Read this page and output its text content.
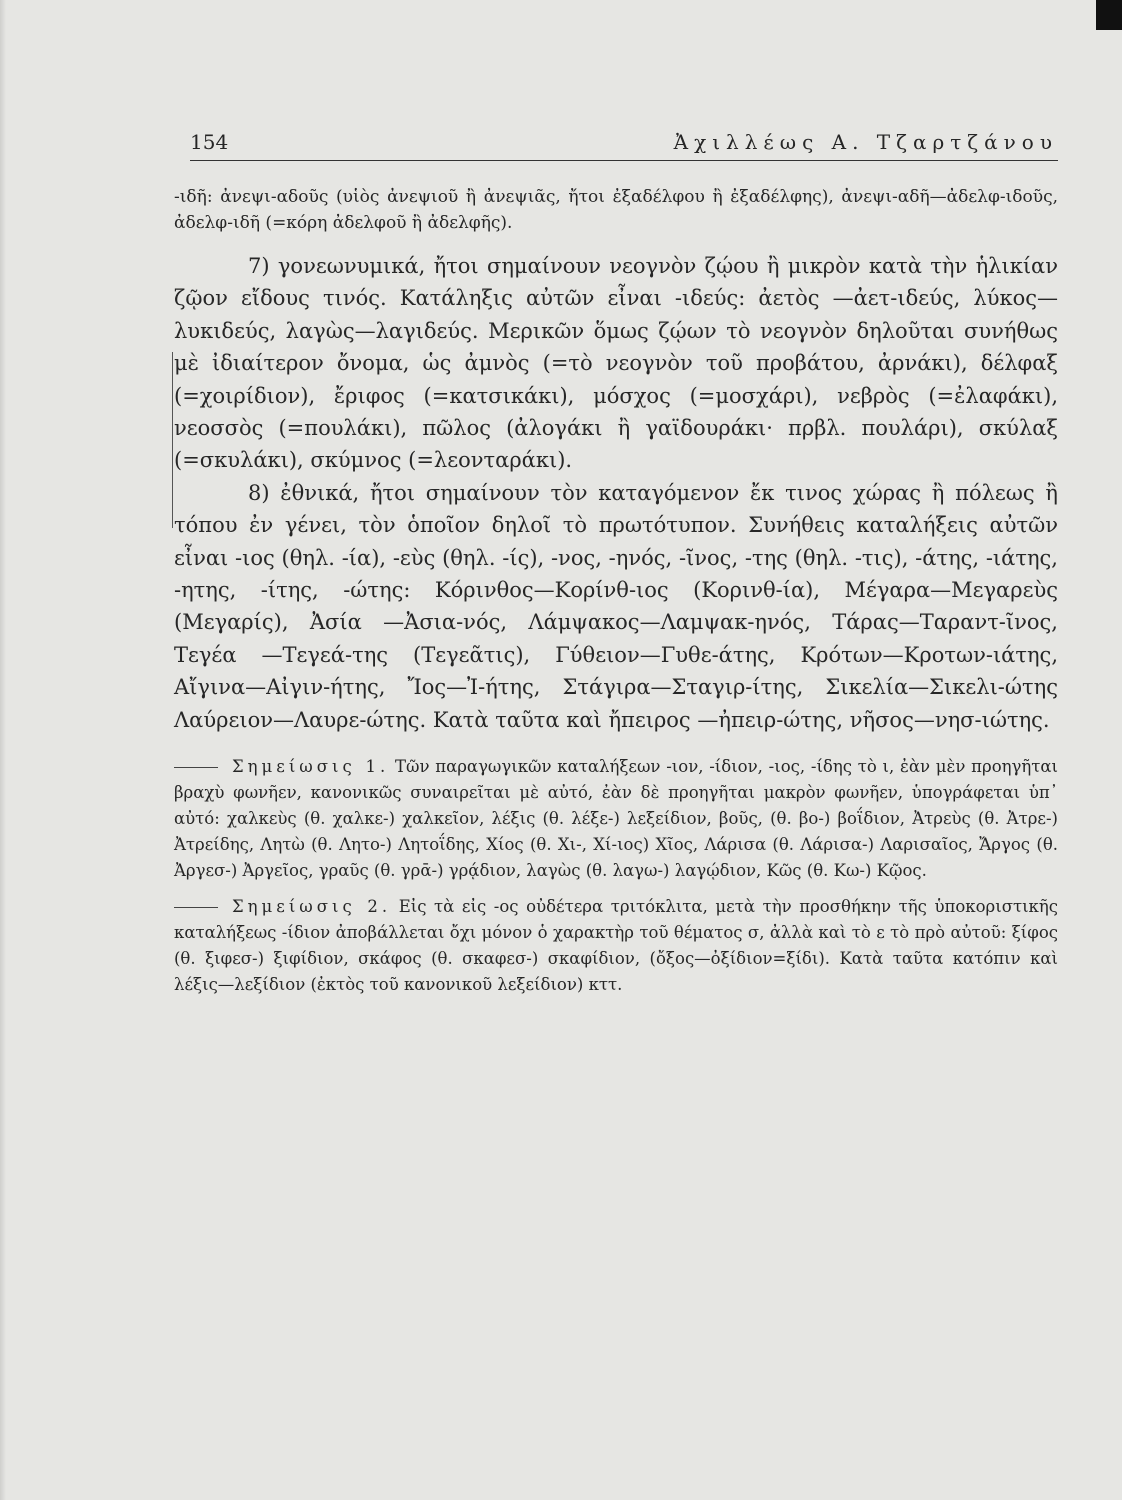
154	Ἀχιλλέως Α. Τζαρτζάνου

-ιδῆ: ἀνεψι-αδοῦς (υἱὸς ἀνεψιοῦ ἢ ἀνεψιᾶς, ἤτοι ἐξαδέλφου ἢ ἐξαδέλφης), ἀνεψι-αδῆ—ἀδελφ-ιδοῦς, ἀδελφ-ιδῆ (=κόρη ἀδελφοῦ ἢ ἀδελφῆς).

7) γονεωνυμικά, ἤτοι σημαίνουν νεογνὸν ζῴου ἢ μικρὸν κατὰ τὴν ἡλικίαν ζῷον εἴδους τινός. Κατάληξις αὐτῶν εἶναι -ιδεύς: ἀετὸς —ἀετ-ιδεύς, λύκος—λυκιδεύς, λαγὼς—λαγιδεύς. Μερικῶν ὅμως ζῴων τὸ νεογνὸν δηλοῦται συνήθως μὲ ἰδιαίτερον ὄνομα, ὡς ἀμνὸς (=τὸ νεογνὸν τοῦ προβάτου, ἀρνάκι), δέλφαξ (=χοιρίδιον), ἔριφος (=κατσικάκι), μόσχος (=μοσχάρι), νεβρὸς (=ἐλαφάκι), νεοσσὸς (=πουλάκι), πῶλος (ἀλογάκι ἢ γαϊδουράκι· πρβλ. πουλάρι), σκύλαξ (=σκυλάκι), σκύμνος (=λεονταράκι).

8) ἐθνικά, ἤτοι σημαίνουν τὸν καταγόμενον ἔκ τινος χώρας ἢ πόλεως ἢ τόπου ἐν γένει, τὸν ὁποῖον δηλοῖ τὸ πρωτότυπον. Συνήθεις καταλήξεις αὐτῶν εἶναι -ιος (θηλ. -ία), -εὺς (θηλ. -ίς), -νος, -ηνός, -ῖνος, -της (θηλ. -τις), -άτης, -ιάτης, -ητης, -ίτης, -ώτης: Κόρινθος—Κορίνθ-ιος (Κορινθ-ία), Μέγαρα—Μεγαρεὺς (Μεγαρίς), Ἀσία —Ἀσια-νός, Λάμψακος—Λαμψακ-ηνός, Τάρας—Ταραντ-ῖνος, Τεγέα —Τεγεά-της (Τεγεᾶτις), Γύθειον—Γυθε-άτης, Κρότων—Κροτων-ιάτης, Αἴγινα—Αἰγιν-ήτης, Ἴος—Ἰ-ήτης, Στάγιρα—Σταγιρ-ίτης, Σικελία—Σικελι-ώτης Λαύρειον—Λαυρε-ώτης. Κατὰ ταῦτα καὶ ἤπειρος —ἠπειρ-ώτης, νῆσος—νησ-ιώτης.

Σημείωσις 1. Τῶν παραγωγικῶν καταλήξεων -ιον, -ίδιον, -ιος, -ίδης τὸ ι, ἐὰν μὲν προηγῆται βραχὺ φωνῆεν, κανονικῶς συναιρεῖται μὲ αὐτό, ἐὰν δὲ προηγῆται μακρὸν φωνῆεν, ὑπογράφεται ὑπ᾽ αὐτό: χαλκεὺς (θ. χαλκε-) χαλκεῖον, λέξις (θ. λέξε-) λεξείδιον, βοῦς, (θ. βο-) βοΐδιον, Ἀτρεὺς (θ. Ἀτρε-) Ἀτρείδης, Λητὼ (θ. Λητο-) Λητοΐδης, Χίος (θ. Χι-, Χί-ιος) Χῖος, Λάρισα (θ. Λάρισα-) Λαρισαῖος, Ἄργος (θ. Ἀργεσ-) Ἀργεῖος, γραῦς (θ. γρᾱ-) γρᾴδιον, λαγὼς (θ. λαγω-) λαγῴδιον, Κῶς (θ. Κω-) Κῷος.

Σημείωσις 2. Εἰς τὰ εἰς -ος οὐδέτερα τριτόκλιτα, μετὰ τὴν προσθήκην τῆς ὑποκοριστικῆς καταλήξεως -ίδιον ἀποβάλλεται ὄχι μόνον ὁ χαρακτὴρ τοῦ θέματος σ, ἀλλὰ καὶ τὸ ε τὸ πρὸ αὐτοῦ: ξίφος (θ. ξιφεσ-) ξιφίδιον, σκάφος (θ. σκαφεσ-) σκαφίδιον, (ὄξος—ὀξίδιον=ξίδι). Κατὰ ταῦτα κατόπιν καὶ λέξις—λεξίδιον (ἐκτὸς τοῦ κανονικοῦ λεξείδιον) κττ.
